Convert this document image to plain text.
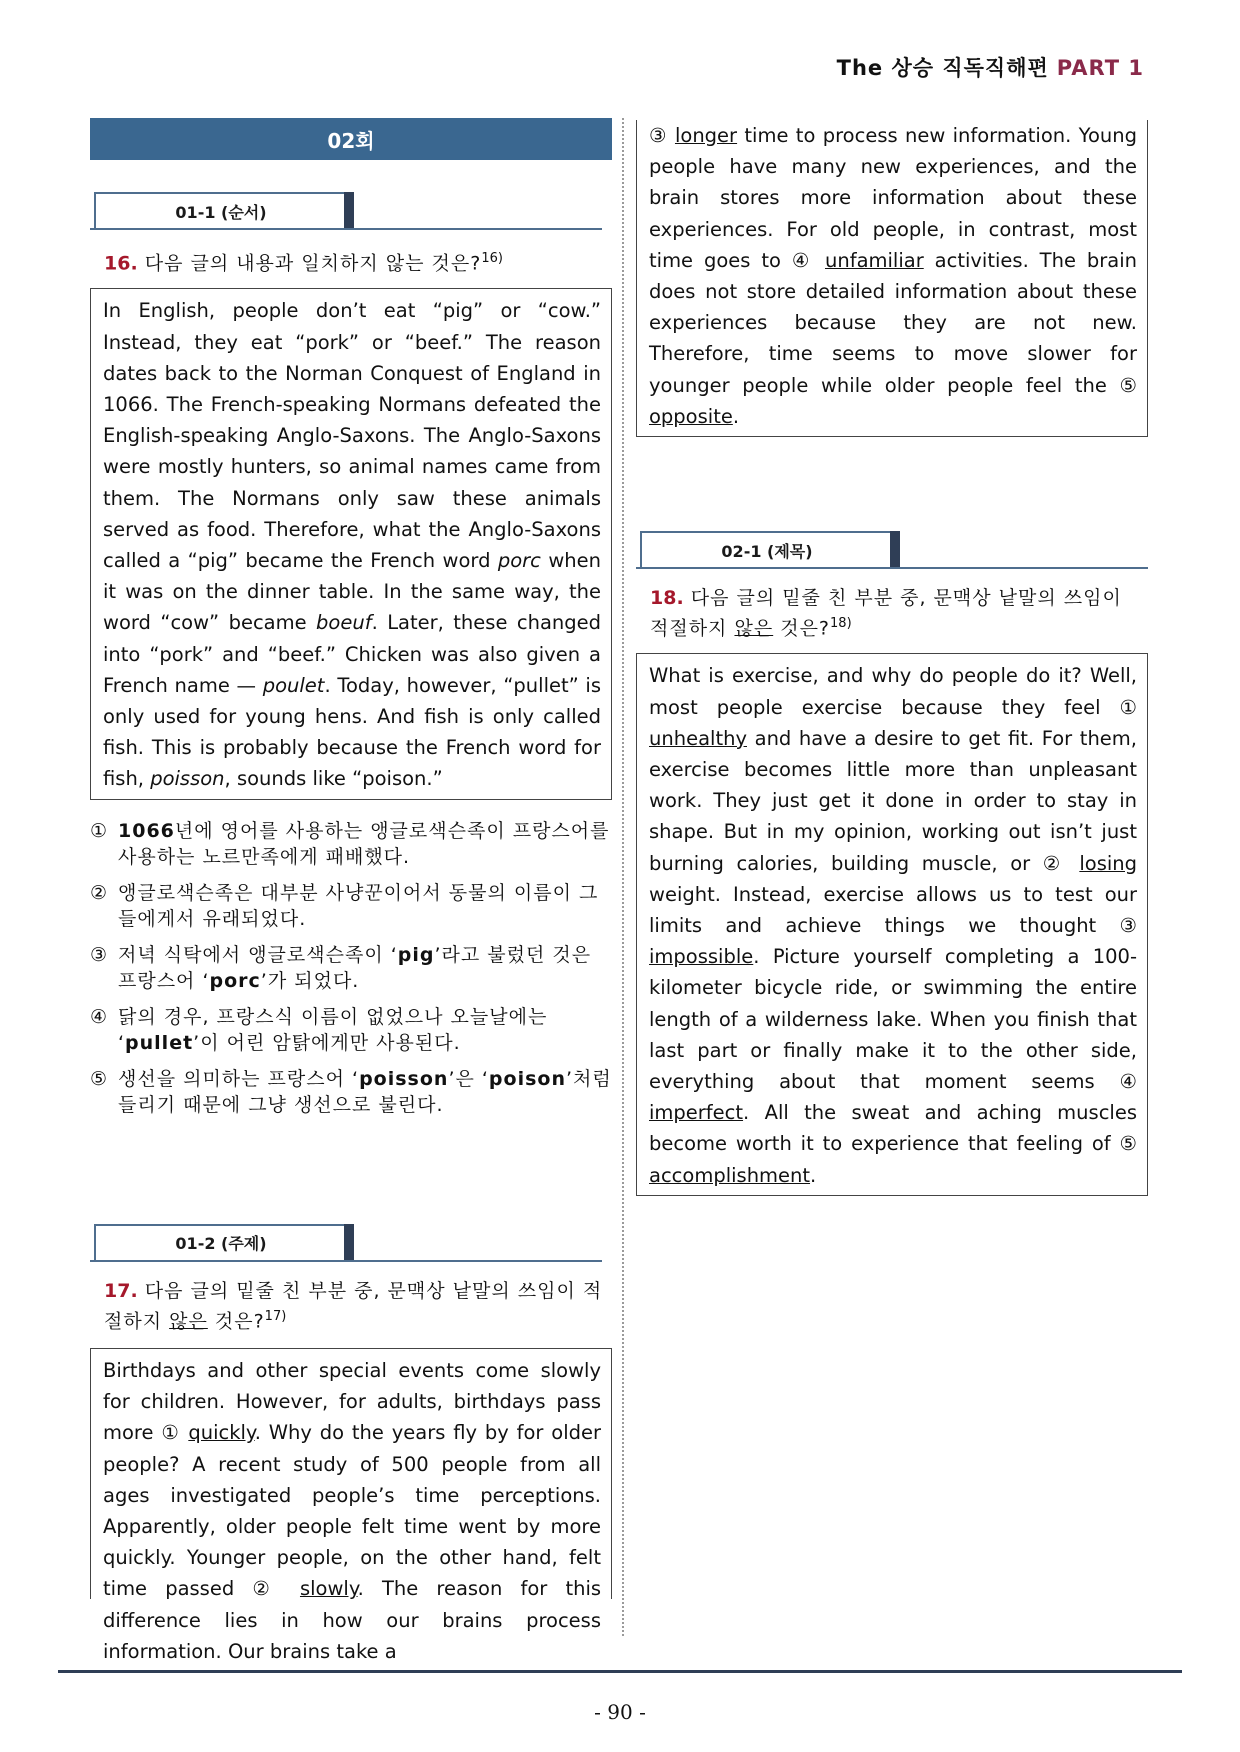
The 상승 직독직해편 PART 1
02회
01-1 (순서)
16. 다음 글의 내용과 일치하지 않는 것은?$^{16)}$
In English, people don’t eat “pig” or “cow.” Instead, they eat “pork” or “beef.” The reason dates back to the Norman Conquest of England in 1066. The French-speaking Normans defeated the English-speaking Anglo-Saxons. The Anglo-Saxons were mostly hunters, so animal names came from them. The Normans only saw these animals served as food. Therefore, what the Anglo-Saxons called a “pig” became the French word porc when it was on the dinner table. In the same way, the word “cow” became boeuf. Later, these changed into “pork” and “beef.” Chicken was also given a French name — poulet. Today, however, “pullet” is only used for young hens. And fish is only called fish. This is probably because the French word for fish, poisson, sounds like “poison.”
① 1066년에 영어를 사용하는 앵글로색슨족이 프랑스어를 사용하는 노르만족에게 패배했다.
② 앵글로색슨족은 대부분 사냥꾼이어서 동물의 이름이 그들에게서 유래되었다.
③ 저녁 식탁에서 앵글로색슨족이 ‘pig’라고 불렀던 것은 프랑스어 ‘porc’가 되었다.
④ 닭의 경우, 프랑스식 이름이 없었으나 오늘날에는 ‘pullet’이 어린 암탉에게만 사용된다.
⑤ 생선을 의미하는 프랑스어 ‘poisson’은 ‘poison’처럼 들리기 때문에 그냥 생선으로 불린다.
01-2 (주제)
17. 다음 글의 밑줄 친 부분 중, 문맥상 낱말의 쓰임이 적절하지 않은 것은?$^{17)}$
Birthdays and other special events come slowly for children. However, for adults, birthdays pass more ① quickly. Why do the years fly by for older people? A recent study of 500 people from all ages investigated people’s time perceptions. Apparently, older people felt time went by more quickly. Younger people, on the other hand, felt time passed ② slowly. The reason for this difference lies in how our brains process information. Our brains take a
③ longer time to process new information. Young people have many new experiences, and the brain stores more information about these experiences. For old people, in contrast, most time goes to ④ unfamiliar activities. The brain does not store detailed information about these experiences because they are not new. Therefore, time seems to move slower for younger people while older people feel the ⑤ opposite.
02-1 (제목)
18. 다음 글의 밑줄 친 부분 중, 문맥상 낱말의 쓰임이 적절하지 않은 것은?$^{18)}$
What is exercise, and why do people do it? Well, most people exercise because they feel ① unhealthy and have a desire to get fit. For them, exercise becomes little more than unpleasant work. They just get it done in order to stay in shape. But in my opinion, working out isn’t just burning calories, building muscle, or ② losing weight. Instead, exercise allows us to test our limits and achieve things we thought ③ impossible. Picture yourself completing a 100-kilometer bicycle ride, or swimming the entire length of a wilderness lake. When you finish that last part or finally make it to the other side, everything about that moment seems ④ imperfect. All the sweat and aching muscles become worth it to experience that feeling of ⑤ accomplishment.
- 90 -
